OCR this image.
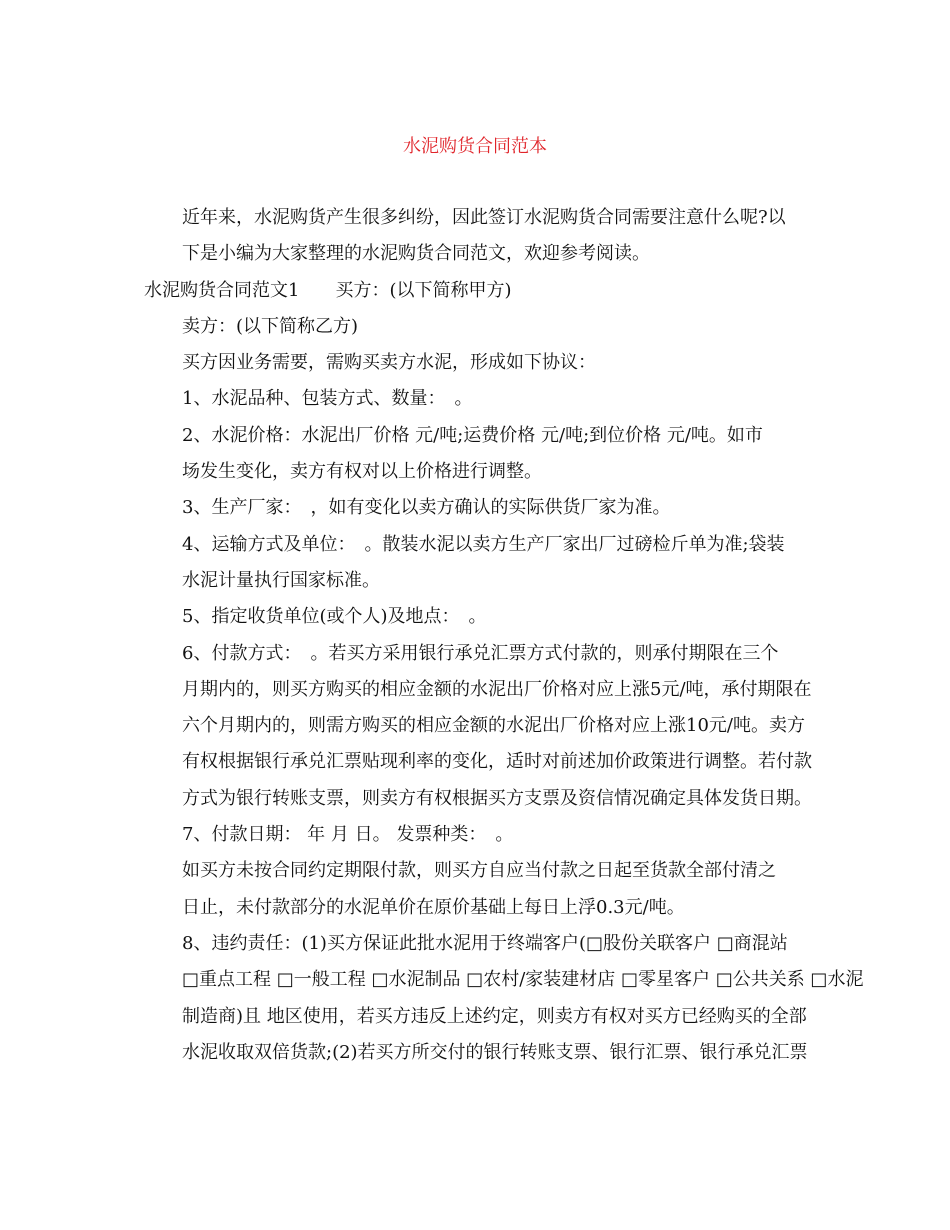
水泥购货合同范本

近年来，水泥购货产生很多纠纷，因此签订水泥购货合同需要注意什么呢?以
下是小编为大家整理的水泥购货合同范文，欢迎参考阅读。

水泥购货合同范文1　　买方：(以下简称甲方)

卖方：(以下简称乙方)

买方因业务需要，需购买卖方水泥，形成如下协议：

1、水泥品种、包装方式、数量：　。

2、水泥价格：水泥出厂价格 元/吨;运费价格 元/吨;到位价格 元/吨。如市
场发生变化，卖方有权对以上价格进行调整。

3、生产厂家：　，如有变化以卖方确认的实际供货厂家为准。

4、运输方式及单位：　。散装水泥以卖方生产厂家出厂过磅检斤单为准;袋装
水泥计量执行国家标准。

5、指定收货单位(或个人)及地点：　。

6、付款方式：　。若买方采用银行承兑汇票方式付款的，则承付期限在三个
月期内的，则买方购买的相应金额的水泥出厂价格对应上涨5元/吨，承付期限在
六个月期内的，则需方购买的相应金额的水泥出厂价格对应上涨10元/吨。卖方
有权根据银行承兑汇票贴现利率的变化，适时对前述加价政策进行调整。若付款
方式为银行转账支票，则卖方有权根据买方支票及资信情况确定具体发货日期。

7、付款日期： 年 月 日。 发票种类：　。

如买方未按合同约定期限付款，则买方自应当付款之日起至货款全部付清之
日止，未付款部分的水泥单价在原价基础上每日上浮0.3元/吨。

8、违约责任：(1)买方保证此批水泥用于终端客户(□股份关联客户 □商混站
□重点工程 □一般工程 □水泥制品 □农村/家装建材店 □零星客户 □公共关系 □水泥
制造商)且 地区使用，若买方违反上述约定，则卖方有权对买方已经购买的全部
水泥收取双倍货款;(2)若买方所交付的银行转账支票、银行汇票、银行承兑汇票
